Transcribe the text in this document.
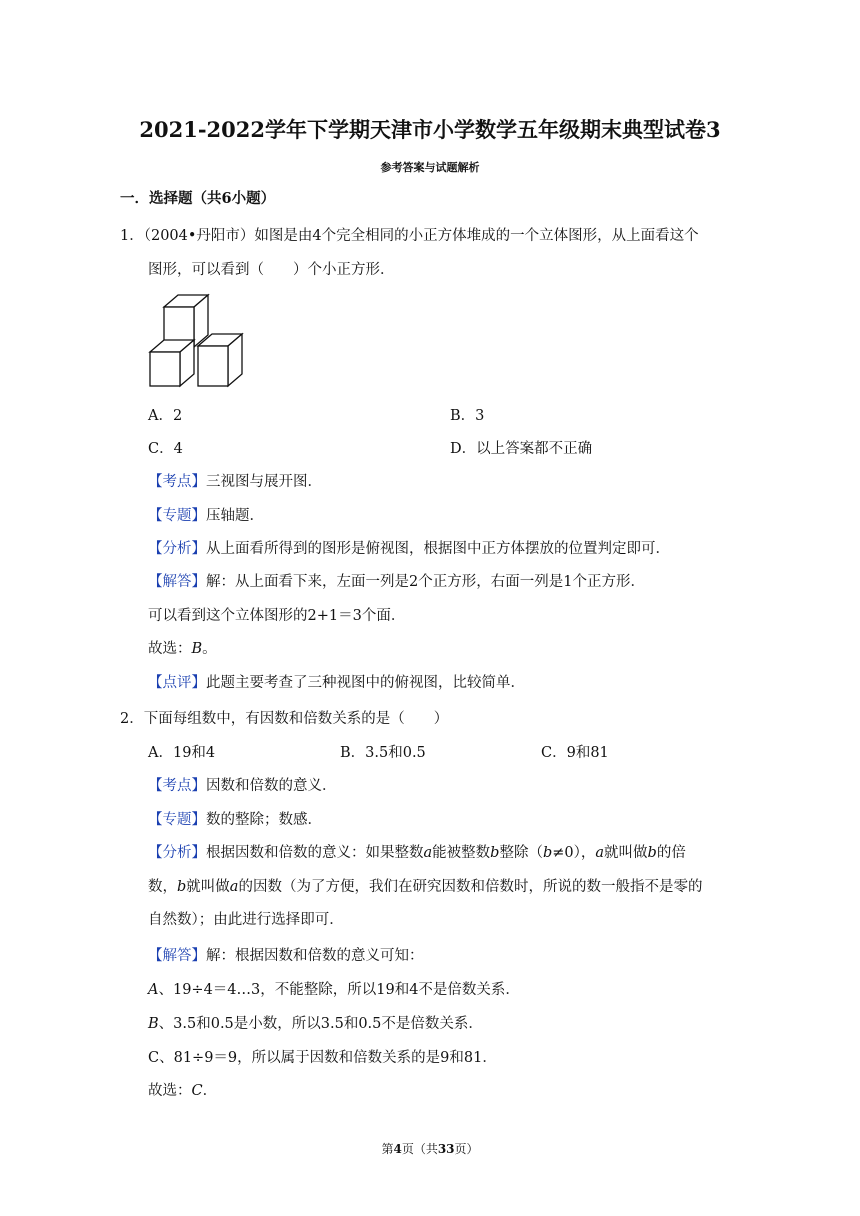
2021-2022学年下学期天津市小学数学五年级期末典型试卷3
参考答案与试题解析
一．选择题（共6小题）
1．（2004•丹阳市）如图是由4个完全相同的小正方体堆成的一个立体图形，从上面看这个
图形，可以看到（　　）个小正方形．
A．2	B．3
C．4	D．以上答案都不正确
【考点】三视图与展开图．
【专题】压轴题．
【分析】从上面看所得到的图形是俯视图，根据图中正方体摆放的位置判定即可．
【解答】解：从上面看下来，左面一列是2个正方形，右面一列是1个正方形．
可以看到这个立体图形的2+1＝3个面．
故选：B。
【点评】此题主要考查了三种视图中的俯视图，比较简单．
2．下面每组数中，有因数和倍数关系的是（　　）
A．19和4	B．3.5和0.5	C．9和81
【考点】因数和倍数的意义．
【专题】数的整除；数感．
【分析】根据因数和倍数的意义：如果整数a能被整数b整除（b≠0），a就叫做b的倍
数，b就叫做a的因数（为了方便，我们在研究因数和倍数时，所说的数一般指不是零的
自然数）；由此进行选择即可．
【解答】解：根据因数和倍数的意义可知：
A、19÷4＝4…3，不能整除，所以19和4不是倍数关系．
B、3.5和0.5是小数，所以3.5和0.5不是倍数关系．
C、81÷9＝9，所以属于因数和倍数关系的是9和81．
故选：C．
第4页（共33页）
